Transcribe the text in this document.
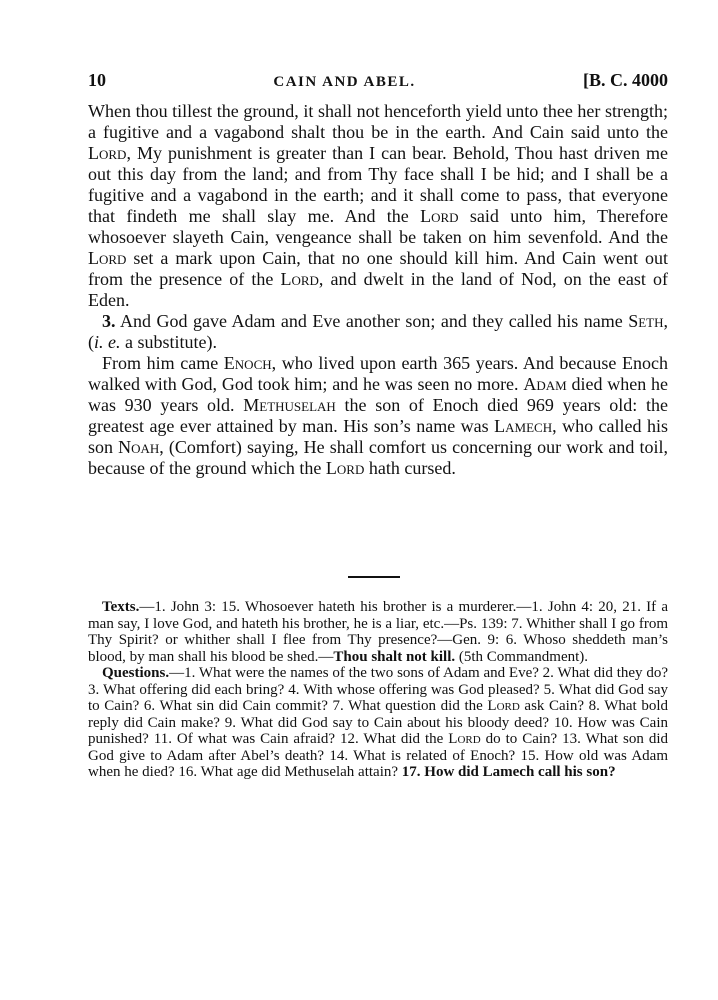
10	CAIN AND ABEL.	[B. C. 4000

When thou tillest the ground, it shall not henceforth yield unto thee her strength; a fugitive and a vagabond shalt thou be in the earth. And Cain said unto the Lord, My punishment is greater than I can bear. Behold, Thou hast driven me out this day from the land; and from Thy face shall I be hid; and I shall be a fugitive and a vagabond in the earth; and it shall come to pass, that everyone that findeth me shall slay me. And the Lord said unto him, Therefore whosoever slayeth Cain, vengeance shall be taken on him sevenfold. And the Lord set a mark upon Cain, that no one should kill him. And Cain went out from the presence of the Lord, and dwelt in the land of Nod, on the east of Eden.

3. And God gave Adam and Eve another son; and they called his name Seth, (i. e. a substitute).

From him came Enoch, who lived upon earth 365 years. And because Enoch walked with God, God took him; and he was seen no more. Adam died when he was 930 years old. Methuselah the son of Enoch died 969 years old: the greatest age ever attained by man. His son’s name was Lamech, who called his son Noah, (Comfort) saying, He shall comfort us concerning our work and toil, because of the ground which the Lord hath cursed.

Texts.—1. John 3: 15. Whosoever hateth his brother is a murderer.—1. John 4: 20, 21. If a man say, I love God, and hateth his brother, he is a liar, etc.—Ps. 139: 7. Whither shall I go from Thy Spirit? or whither shall I flee from Thy presence?—Gen. 9: 6. Whoso sheddeth man’s blood, by man shall his blood be shed.—Thou shalt not kill. (5th Commandment).

Questions.—1. What were the names of the two sons of Adam and Eve? 2. What did they do? 3. What offering did each bring? 4. With whose offering was God pleased? 5. What did God say to Cain? 6. What sin did Cain commit? 7. What question did the Lord ask Cain? 8. What bold reply did Cain make? 9. What did God say to Cain about his bloody deed? 10. How was Cain punished? 11. Of what was Cain afraid? 12. What did the Lord do to Cain? 13. What son did God give to Adam after Abel’s death? 14. What is related of Enoch? 15. How old was Adam when he died? 16. What age did Methuselah attain? 17. How did Lamech call his son?
